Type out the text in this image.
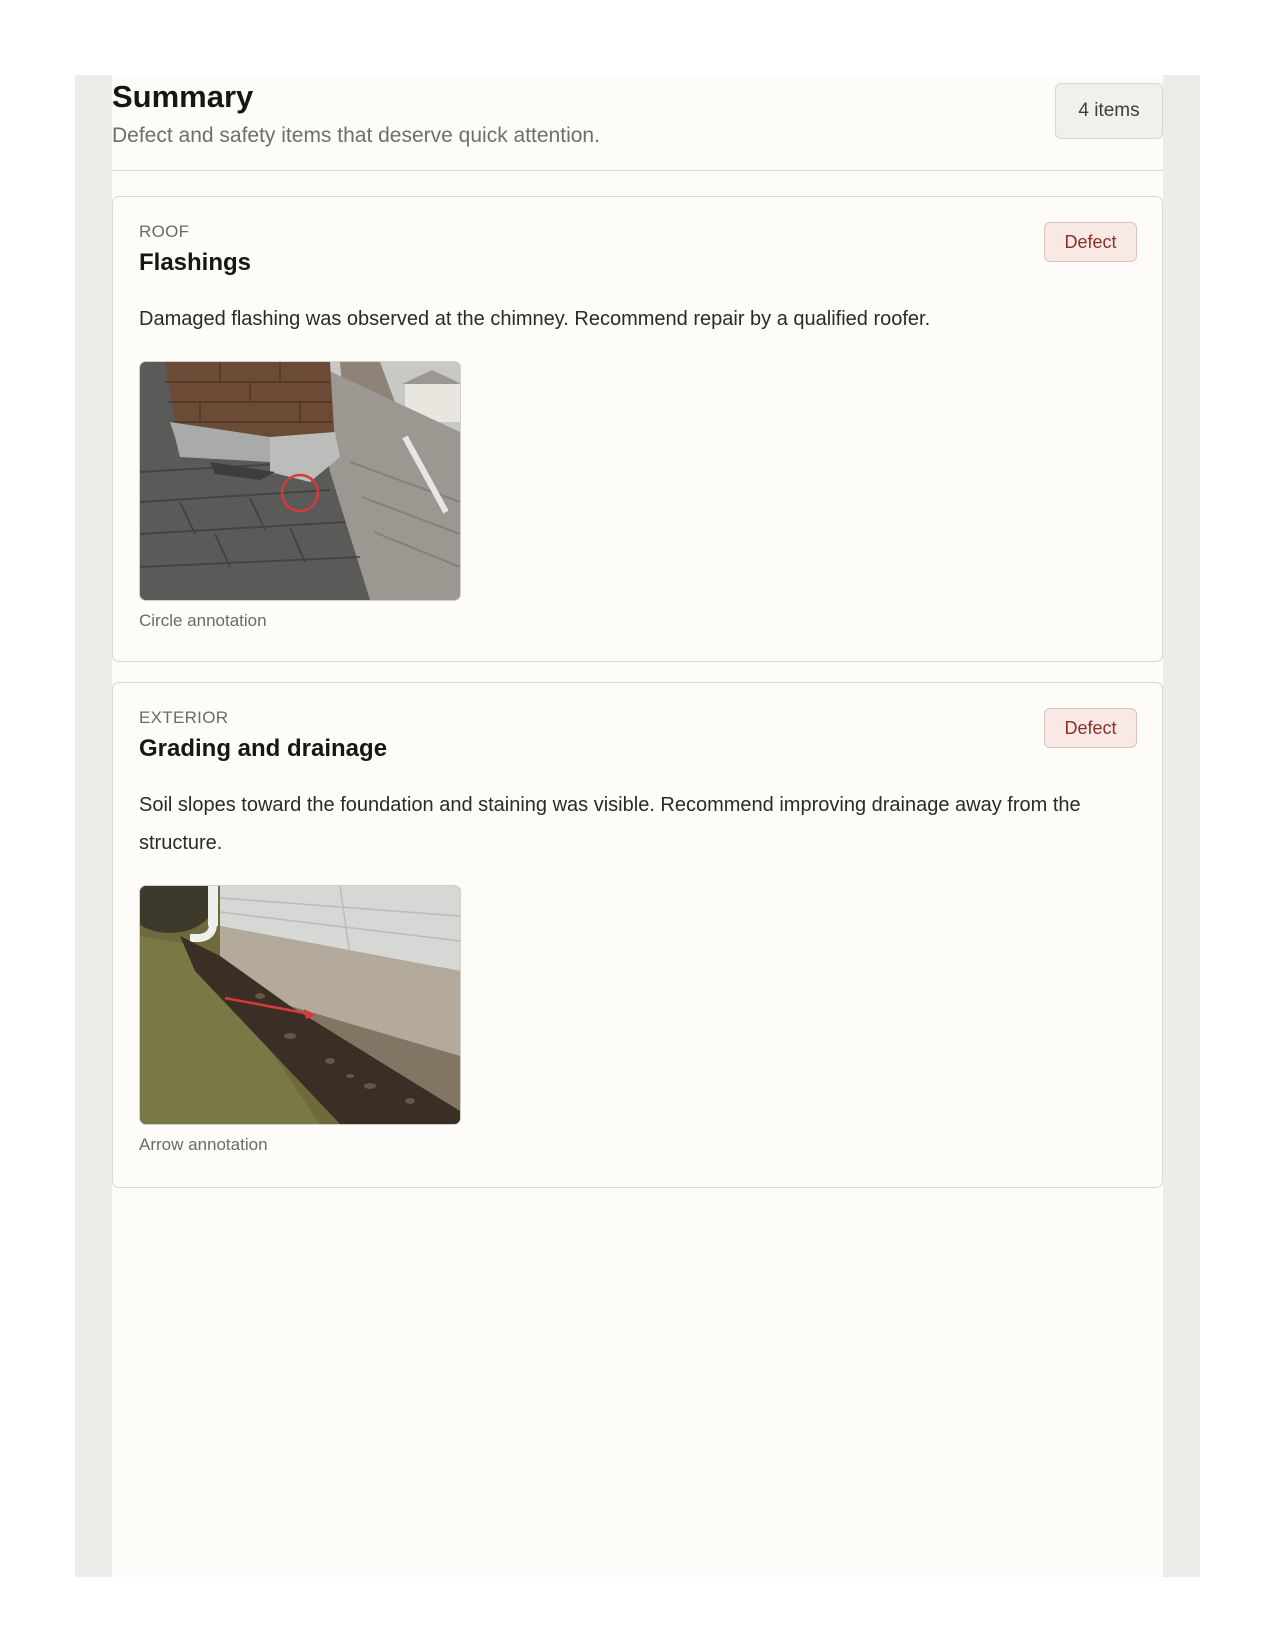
Summary
Defect and safety items that deserve quick attention.
4 items
ROOF
Flashings
Defect
Damaged flashing was observed at the chimney. Recommend repair by a qualified roofer.
Circle annotation
EXTERIOR
Grading and drainage
Defect
Soil slopes toward the foundation and staining was visible. Recommend improving drainage away from the structure.
Arrow annotation
